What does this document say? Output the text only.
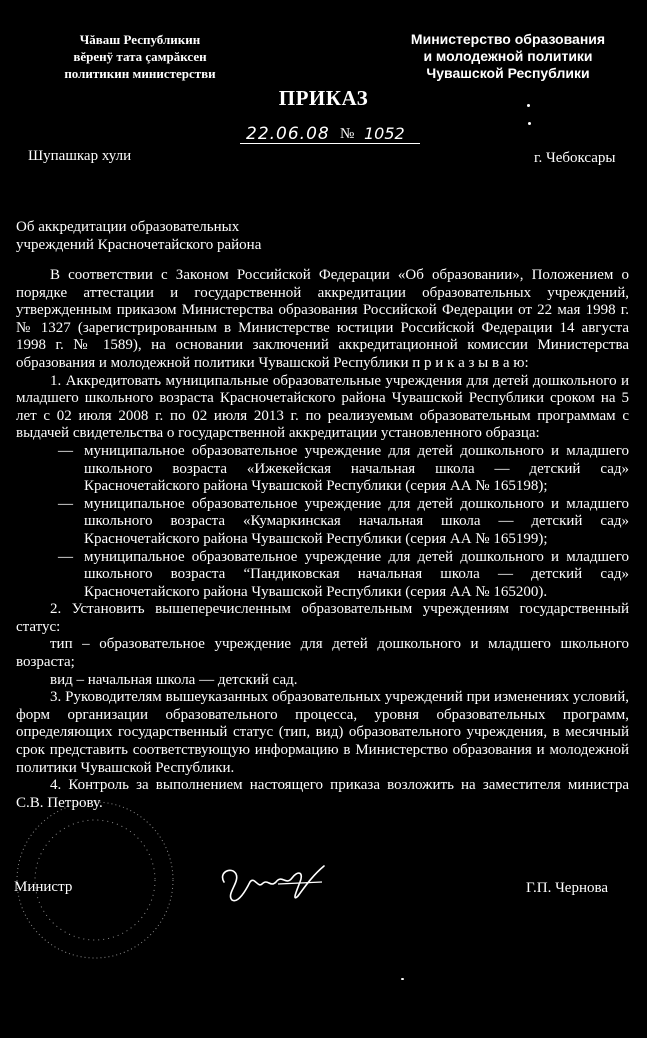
Чăваш Республикин
вĕренÿ тата çамрăксен
политикин министерстви
Министерство образования
и молодежной политики
Чувашской Республики
ПРИКАЗ
22.06.08 № 1052
Шупашкар хули	г. Чебоксары
Об аккредитации образовательных
учреждений Красночетайского района

В соответствии с Законом Российской Федерации «Об образовании», Положением о порядке аттестации и государственной аккредитации образовательных учреждений, утвержденным приказом Министерства образования Российской Федерации от 22 мая 1998 г. № 1327 (зарегистрированным в Министерстве юстиции Российской Федерации 14 августа 1998 г. № 1589), на основании заключений аккредитационной комиссии Министерства образования и молодежной политики Чувашской Республики п р и к а з ы в а ю:

1. Аккредитовать муниципальные образовательные учреждения для детей дошкольного и младшего школьного возраста Красночетайского района Чувашской Республики сроком на 5 лет с 02 июля 2008 г. по 02 июля 2013 г. по реализуемым образовательным программам с выдачей свидетельства о государственной аккредитации установленного образца:

— муниципальное образовательное учреждение для детей дошкольного и младшего школьного возраста «Ижекейская начальная школа — детский сад» Красночетайского района Чувашской Республики (серия АА № 165198);
— муниципальное образовательное учреждение для детей дошкольного и младшего школьного возраста «Кумаркинская начальная школа — детский сад» Красночетайского района Чувашской Республики (серия АА № 165199);
— муниципальное образовательное учреждение для детей дошкольного и младшего школьного возраста “Пандиковская начальная школа — детский сад» Красночетайского района Чувашской Республики (серия АА № 165200).

2. Установить вышеперечисленным образовательным учреждениям государственный статус:

тип – образовательное учреждение для детей дошкольного и младшего школьного возраста;

вид – начальная школа — детский сад.

3. Руководителям вышеуказанных образовательных учреждений при изменениях условий, форм организации образовательного процесса, уровня образовательных программ, определяющих государственный статус (тип, вид) образовательного учреждения, в месячный срок представить соответствующую информацию в Министерство образования и молодежной политики Чувашской Республики.

4. Контроль за выполнением настоящего приказа возложить на заместителя министра С.В. Петрову.

Министр	Г.П. Чернова
